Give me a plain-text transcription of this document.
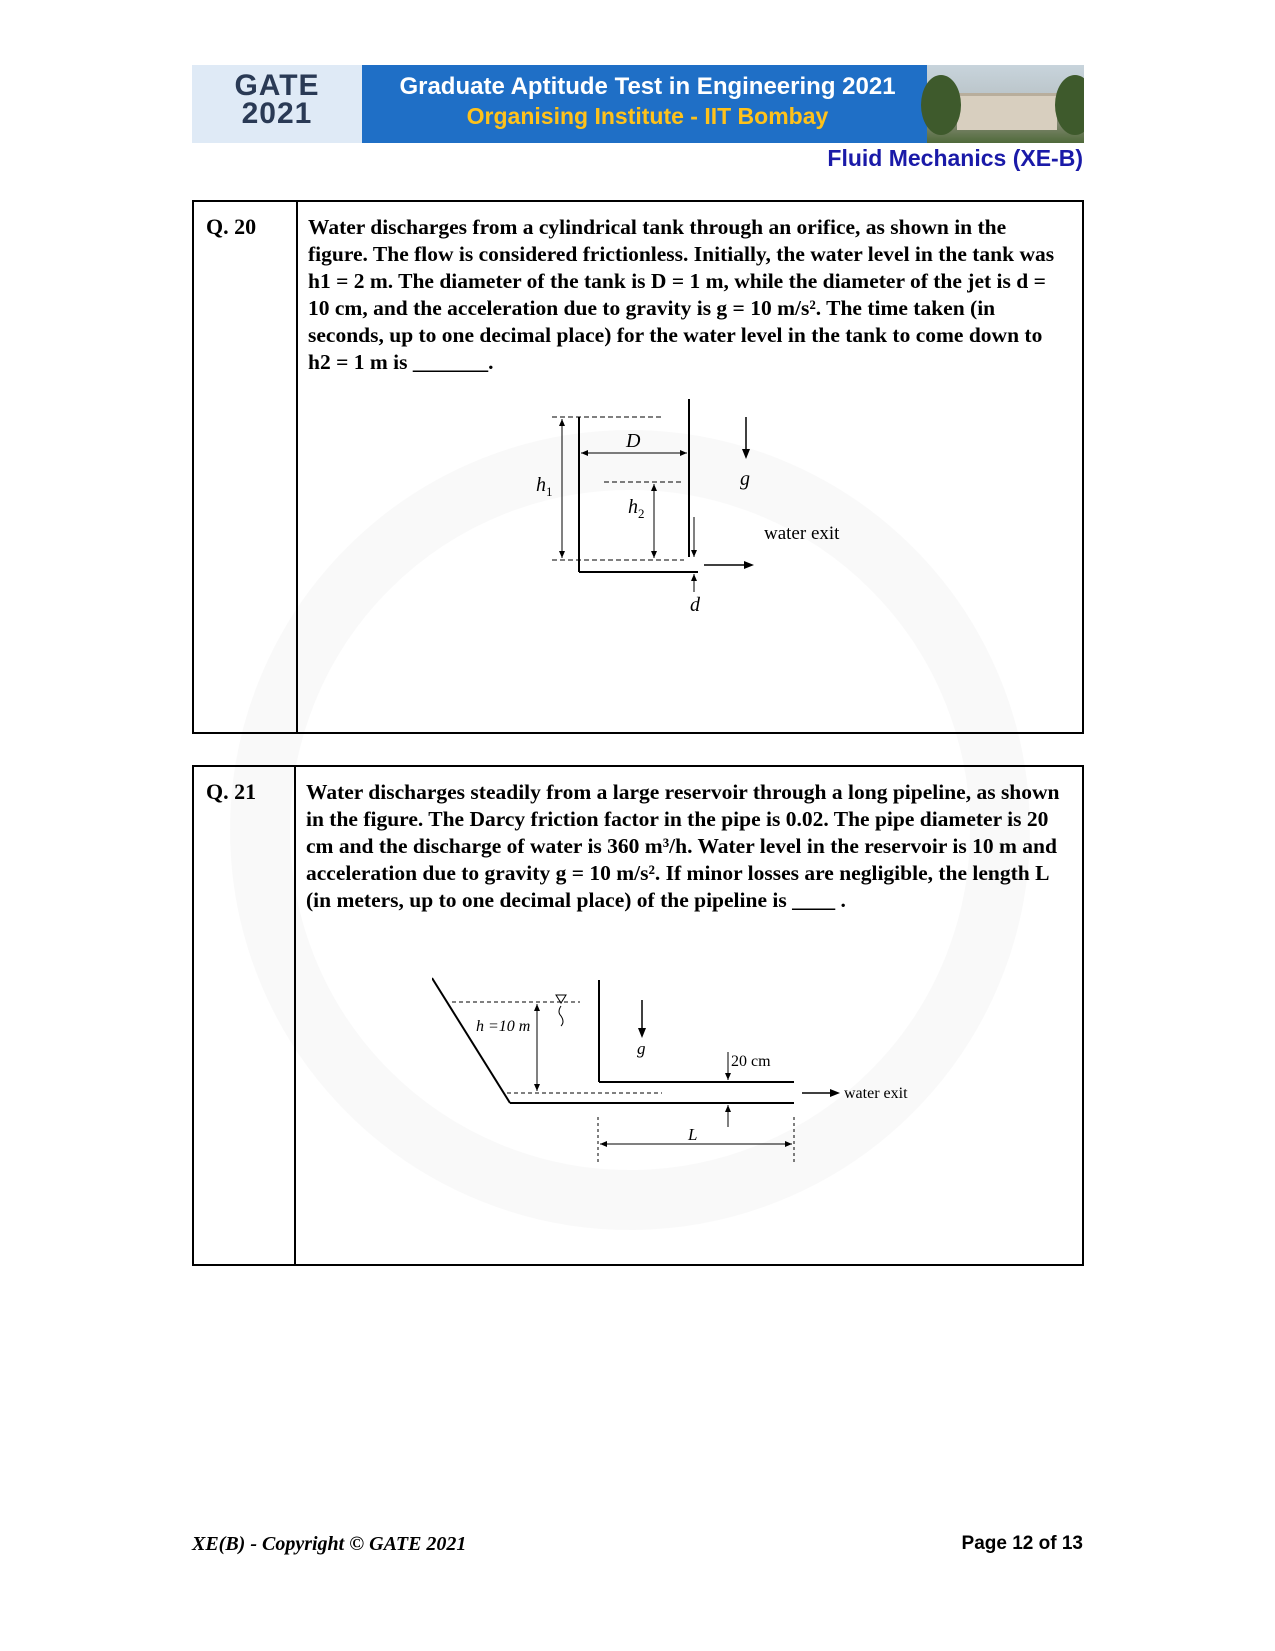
GATE
2021
Graduate Aptitude Test in Engineering 2021
Organising Institute - IIT Bombay
Fluid Mechanics (XE-B)
Q. 20	Water discharges from a cylindrical tank through an orifice, as shown in the figure. The flow is considered frictionless. Initially, the water level in the tank was h1 = 2 m. The diameter of the tank is D = 1 m, while the diameter of the jet is d = 10 cm, and the acceleration due to gravity is g = 10 m/s². The time taken (in seconds, up to one decimal place) for the water level in the tank to come down to h2 = 1 m is _______.
D
h 1
h 2
g
water exit
d
Q. 21	Water discharges steadily from a large reservoir through a long pipeline, as shown in the figure. The Darcy friction factor in the pipe is 0.02. The pipe diameter is 20 cm and the discharge of water is 360 m³/h. Water level in the reservoir is 10 m and acceleration due to gravity g = 10 m/s². If minor losses are negligible, the length L (in meters, up to one decimal place) of the pipeline is ____ .
h =10 m
g
20 cm
water exit
L
XE(B) - Copyright © GATE 2021	Page 12 of 13
